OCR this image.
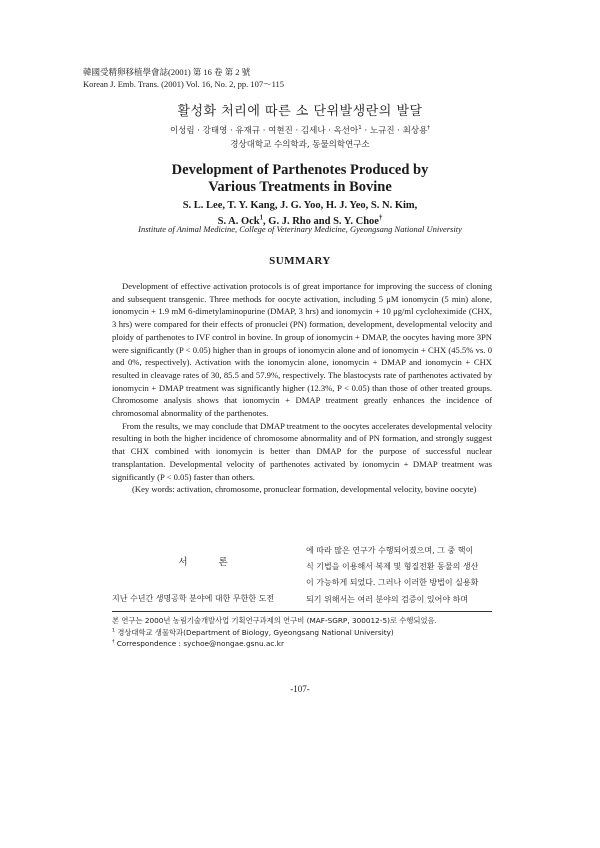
韓國受精卵移植學會誌(2001) 第 16 卷 第 2 號
Korean J. Emb. Trans. (2001) Vol. 16, No. 2, pp. 107～115
활성화 처리에 따른 소 단위발생란의 발달
이성림 · 강태영 · 유재규 · 여현진 · 김세나 · 옥선아$^1$ · 노규진 · 최상용†
경상대학교 수의학과, 동물의학연구소
Development of Parthenotes Produced by
Various Treatments in Bovine
S. L. Lee, T. Y. Kang, J. G. Yoo, H. J. Yeo, S. N. Kim,
S. A. Ock$^1$, G. J. Rho and S. Y. Choe†
Institute of Animal Medicine, College of Veterinary Medicine, Gyeongsang National University
SUMMARY

Development of effective activation protocols is of great importance for improving the success of cloning and subsequent transgenic. Three methods for oocyte activation, including 5 μM ionomycin (5 min) alone, ionomycin + 1.9 mM 6-dimetylaminopurine (DMAP, 3 hrs) and ionomycin + 10 μg/ml cycloheximide (CHX, 3 hrs) were compared for their effects of pronuclei (PN) formation, development, developmental velocity and ploidy of parthenotes to IVF control in bovine. In group of ionomycin + DMAP, the oocytes having more 3PN were significantly (P < 0.05) higher than in groups of ionomycin alone and of ionomycin + CHX (45.5% vs. 0 and 0%, respectively). Activation with the ionomycin alone, ionomycin + DMAP and ionomycin + CHX resulted in cleavage rates of 30, 85.5 and 57.9%, respectively. The blastocysts rate of parthenotes activated by ionomycin + DMAP treatment was significantly higher (12.3%, P < 0.05) than those of other treated groups. Chromosome analysis shows that ionomycin + DMAP treatment greatly enhances the incidence of chromosomal abnormality of the parthenotes.

From the results, we may conclude that DMAP treatment to the oocytes accelerates developmental velocity resulting in both the higher incidence of chromosome abnormality and of PN formation, and strongly suggest that CHX combined with ionomycin is better than DMAP for the purpose of successful nuclear transplantation. Developmental velocity of parthenotes activated by ionomycin + DMAP treatment was significantly (P < 0.05) faster than others.

(Key words: activation, chromosome, pronuclear formation, developmental velocity, bovine oocyte)

서 론
지난 수년간 생명공학 분야에 대한 무한한 도전
에 따라 많은 연구가 수행되어졌으며, 그 중 핵이
식 기법을 이용해서 복제 및 형질전환 동물의 생산
이 가능하게 되었다. 그러나 이러한 방법이 실용화
되기 위해서는 여러 분야의 검증이 있어야 하며
본 연구는 2000년 농림기술개발사업 기획연구과제의 연구비 (MAF-SGRP, 300012-5)로 수행되었음.
$^1$ 경상대학교 생물학과(Department of Biology, Gyeongsang National University)
† Correspondence : sychoe@nongae.gsnu.ac.kr
-107-
